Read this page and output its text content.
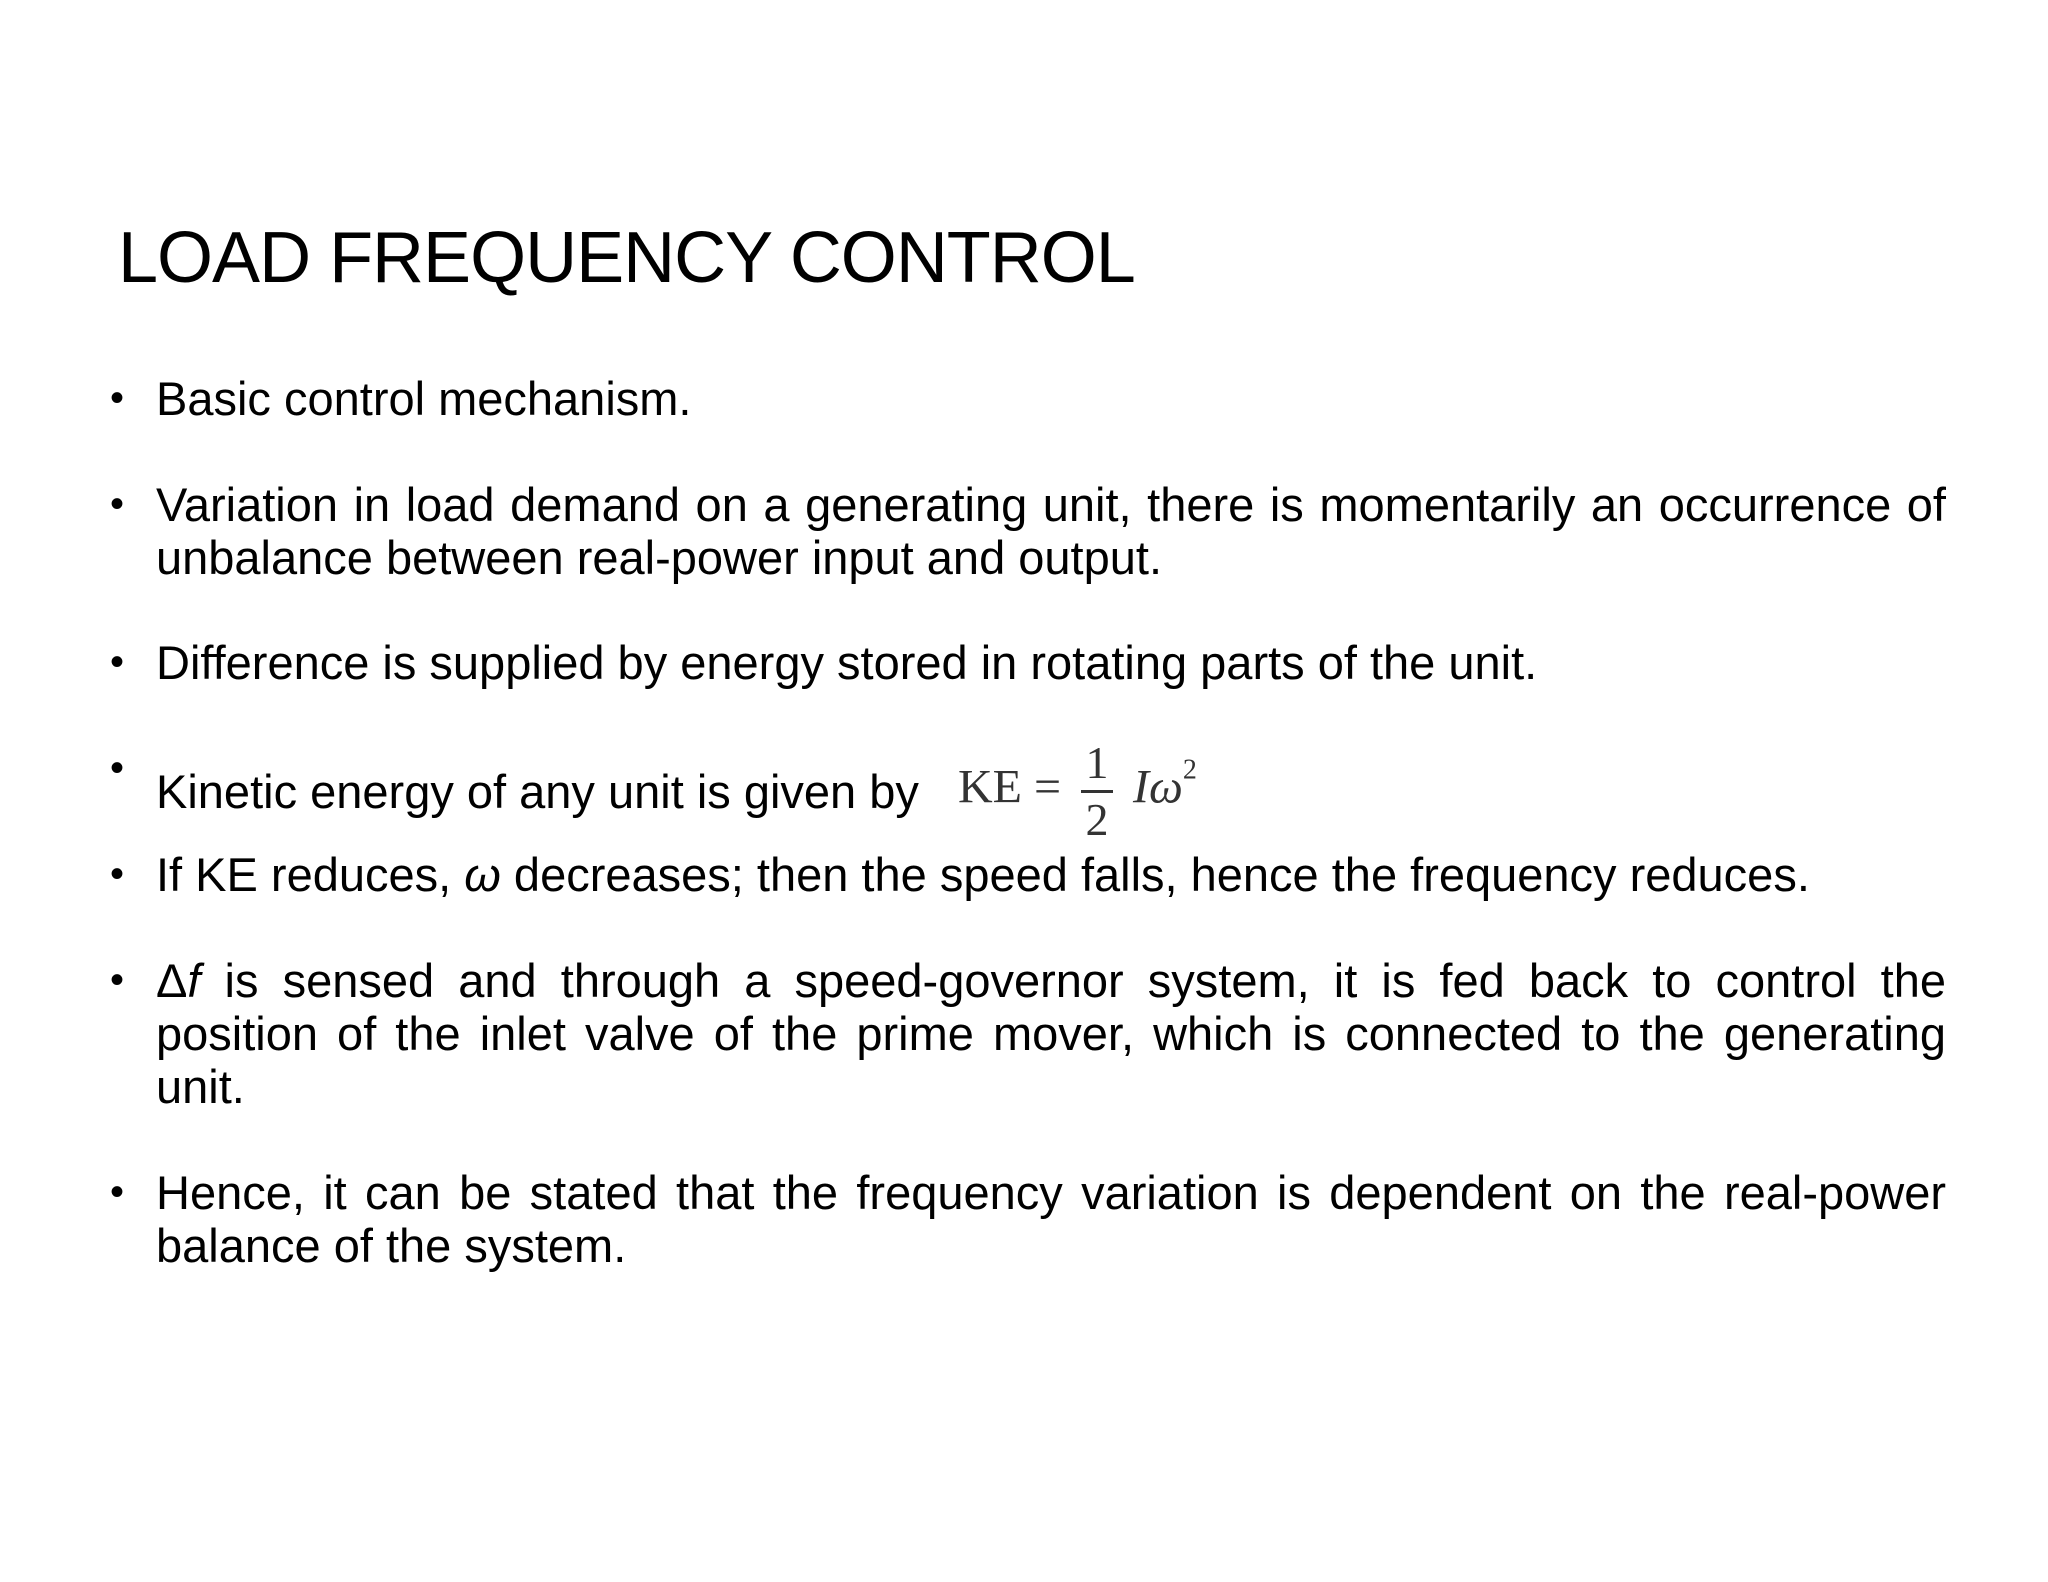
LOAD FREQUENCY CONTROL
• Basic control mechanism.
• Variation in load demand on a generating unit, there is momentarily an occurrence of unbalance between real-power input and output.
• Difference is supplied by energy stored in rotating parts of the unit.
• Kinetic energy of any unit is given by KE = $\frac{1}{2} I\omega^2$
• If KE reduces, ω decreases; then the speed falls, hence the frequency reduces.
• Δf is sensed and through a speed-governor system, it is fed back to control the position of the inlet valve of the prime mover, which is connected to the generating unit.
• Hence, it can be stated that the frequency variation is dependent on the real-power balance of the system.
